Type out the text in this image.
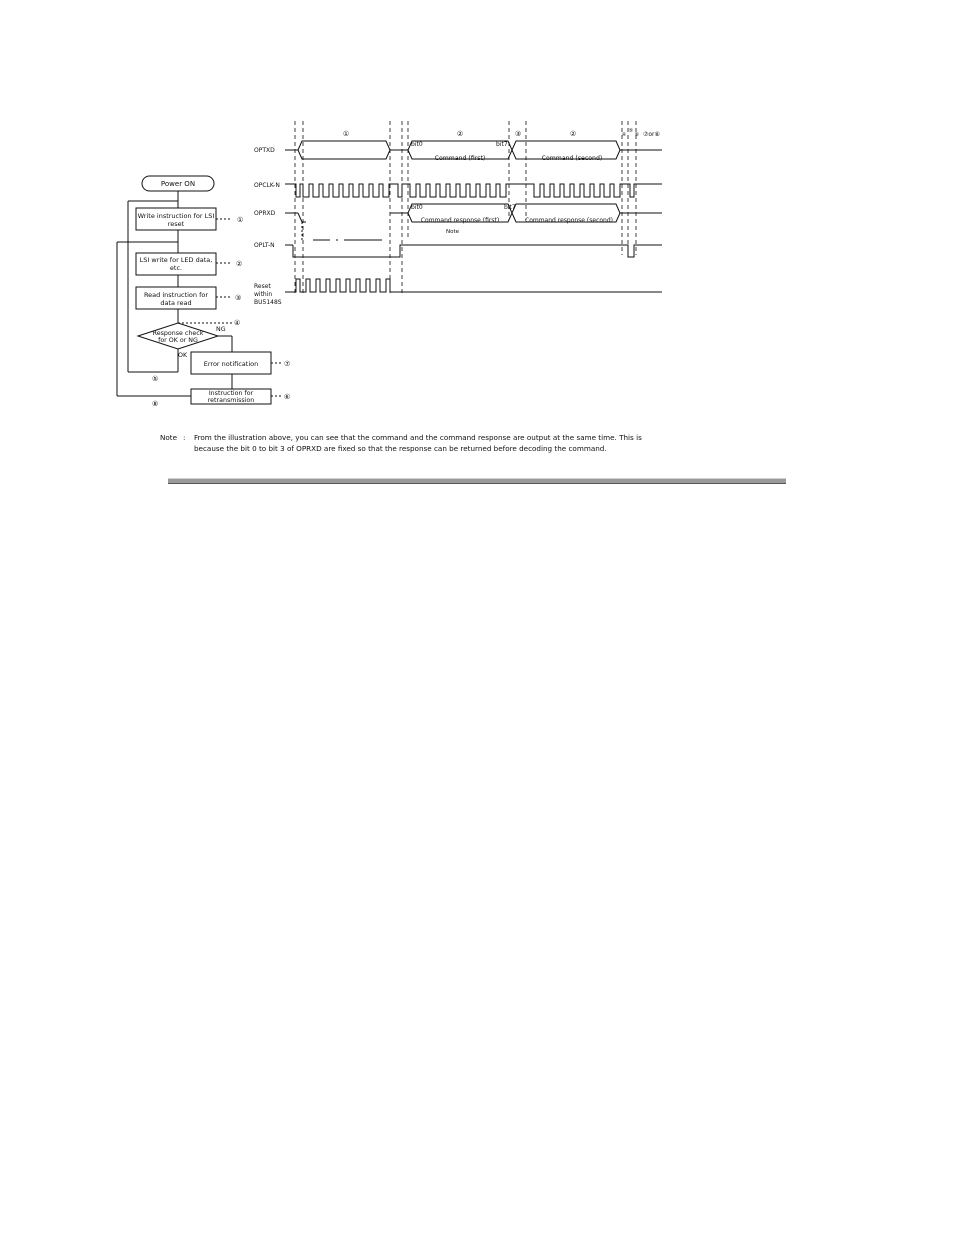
Power ON
Write instruction for LSI
reset	①
LSI write for LED data,
etc.	②
Read instruction for
data read
③
Response check
for OK or NG
④
NG
OK
Error notification	⑦
Instruction for
retransmission	⑥
⑤
⑧
OPTXD
OPCLK-N
OPRXD
OPLT-N
Reset
within
BU5148S
①	②	③	②	④
⑤
⑥ ⑦or⑧
bit0	bit7
bit0	bit7
Command (first)	Command (second)
Command response (first)	Command response (second)
Note
Note : From the illustration above, you can see that the command and the command response are output at the same time. This is
because the bit 0 to bit 3 of OPRXD are fixed so that the response can be returned before decoding the command.
